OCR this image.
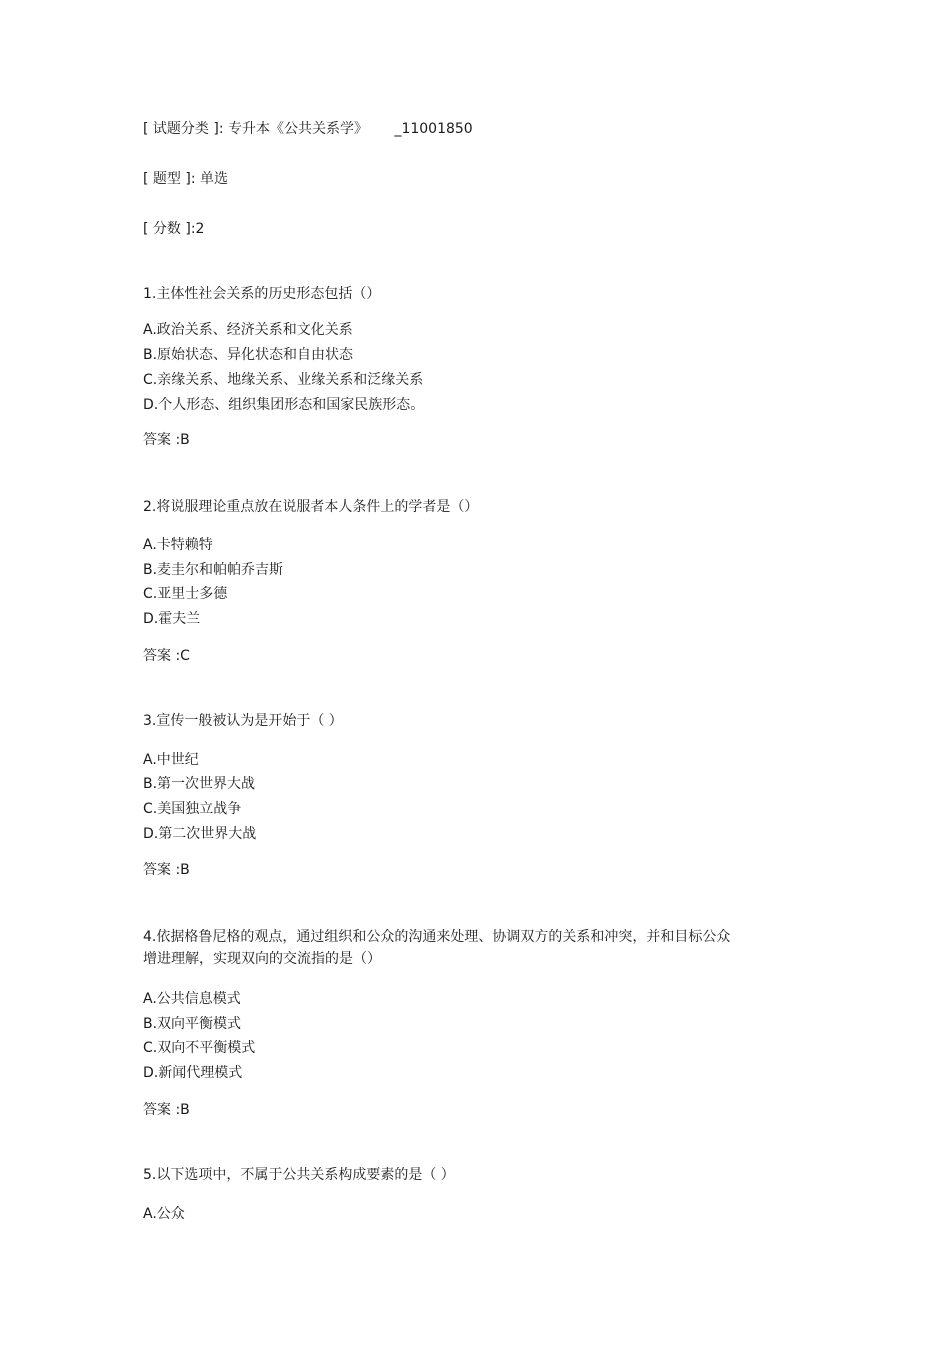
[ 试题分类 ]: 专升本《公共关系学》 _11001850
[ 题型 ]: 单选
[ 分数 ]:2
1.主体性社会关系的历史形态包括（）
A.政治关系、经济关系和文化关系
B.原始状态、异化状态和自由状态
C.亲缘关系、地缘关系、业缘关系和泛缘关系
D.个人形态、组织集团形态和国家民族形态。
答案 :B
2.将说服理论重点放在说服者本人条件上的学者是（）
A.卡特赖特
B.麦圭尔和帕帕乔吉斯
C.亚里士多德
D.霍夫兰
答案 :C
3.宣传一般被认为是开始于（ ）
A.中世纪
B.第一次世界大战
C.美国独立战争
D.第二次世界大战
答案 :B
4.依据格鲁尼格的观点，通过组织和公众的沟通来处理、协调双方的关系和冲突，并和目标公众
增进理解，实现双向的交流指的是（）
A.公共信息模式
B.双向平衡模式
C.双向不平衡模式
D.新闻代理模式
答案 :B
5.以下选项中，不属于公共关系构成要素的是（ ）
A.公众
